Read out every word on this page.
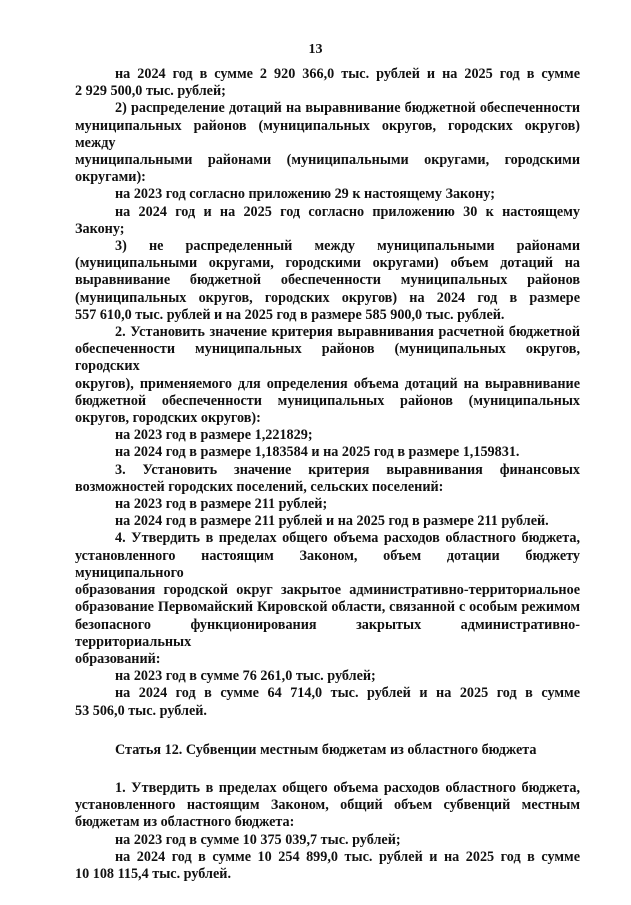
13
на 2024 год в сумме 2 920 366,0 тыс. рублей и на 2025 год в сумме
2 929 500,0 тыс. рублей;
2) распределение дотаций на выравнивание бюджетной обеспеченности
муниципальных районов (муниципальных округов, городских округов) между
муниципальными районами (муниципальными округами, городскими
округами):
на 2023 год согласно приложению 29 к настоящему Закону;
на 2024 год и на 2025 год согласно приложению 30 к настоящему
Закону;
3) не распределенный между муниципальными районами
(муниципальными округами, городскими округами) объем дотаций на
выравнивание бюджетной обеспеченности муниципальных районов
(муниципальных округов, городских округов) на 2024 год в размере
557 610,0 тыс. рублей и на 2025 год в размере 585 900,0 тыс. рублей.
2. Установить значение критерия выравнивания расчетной бюджетной
обеспеченности муниципальных районов (муниципальных округов, городских
округов), применяемого для определения объема дотаций на выравнивание
бюджетной обеспеченности муниципальных районов (муниципальных
округов, городских округов):
на 2023 год в размере 1,221829;
на 2024 год в размере 1,183584 и на 2025 год в размере 1,159831.
3. Установить значение критерия выравнивания финансовых
возможностей городских поселений, сельских поселений:
на 2023 год в размере 211 рублей;
на 2024 год в размере 211 рублей и на 2025 год в размере 211 рублей.
4. Утвердить в пределах общего объема расходов областного бюджета,
установленного настоящим Законом, объем дотации бюджету муниципального
образования городской округ закрытое административно-территориальное
образование Первомайский Кировской области, связанной с особым режимом
безопасного функционирования закрытых административно-территориальных
образований:
на 2023 год в сумме 76 261,0 тыс. рублей;
на 2024 год в сумме 64 714,0 тыс. рублей и на 2025 год в сумме
53 506,0 тыс. рублей.
Статья 12. Субвенции местным бюджетам из областного бюджета
1. Утвердить в пределах общего объема расходов областного бюджета,
установленного настоящим Законом, общий объем субвенций местным
бюджетам из областного бюджета:
на 2023 год в сумме 10 375 039,7 тыс. рублей;
на 2024 год в сумме 10 254 899,0 тыс. рублей и на 2025 год в сумме
10 108 115,4 тыс. рублей.
